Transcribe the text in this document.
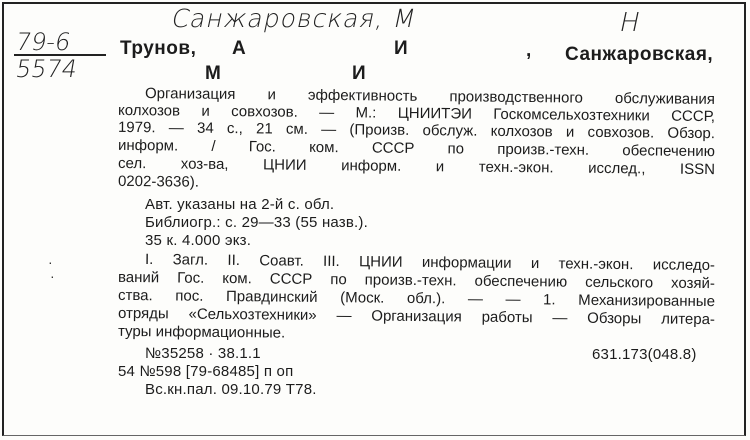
Санжаровская, М	Н
79-6
5574
Трунов, А	И	, Санжаровская,
М	И
Организация и эффективность производственного обслуживания
колхозов и совхозов. — М.: ЦНИИТЭИ Госкомсельхозтехники СССР,
1979. — 34 с., 21 см. — (Произв. обслуж. колхозов и совхозов. Обзор.
информ. / Гос. ком. СССР по произв.-техн. обеспечению
сел. хоз-ва, ЦНИИ информ. и техн.-экон. исслед., ISSN
0202-3636).
Авт. указаны на 2-й с. обл.
Библиогр.: с. 29—33 (55 назв.).
35 к. 4.000 экз.
·
·
I. Загл. II. Соавт. III. ЦНИИ информации и техн.-экон. исследо-
ваний Гос. ком. СССР по произв.-техн. обеспечению сельского хозяй-
ства. пос. Правдинский (Моск. обл.). — — 1. Механизированные
отряды «Сельхозтехники» — Организация работы — Обзоры литера-
туры информационные.
№35258 · 38.1.1	631.173(048.8)
54 №598 [79-68485] п оп
Вс.кн.пал. 09.10.79 Т78.
